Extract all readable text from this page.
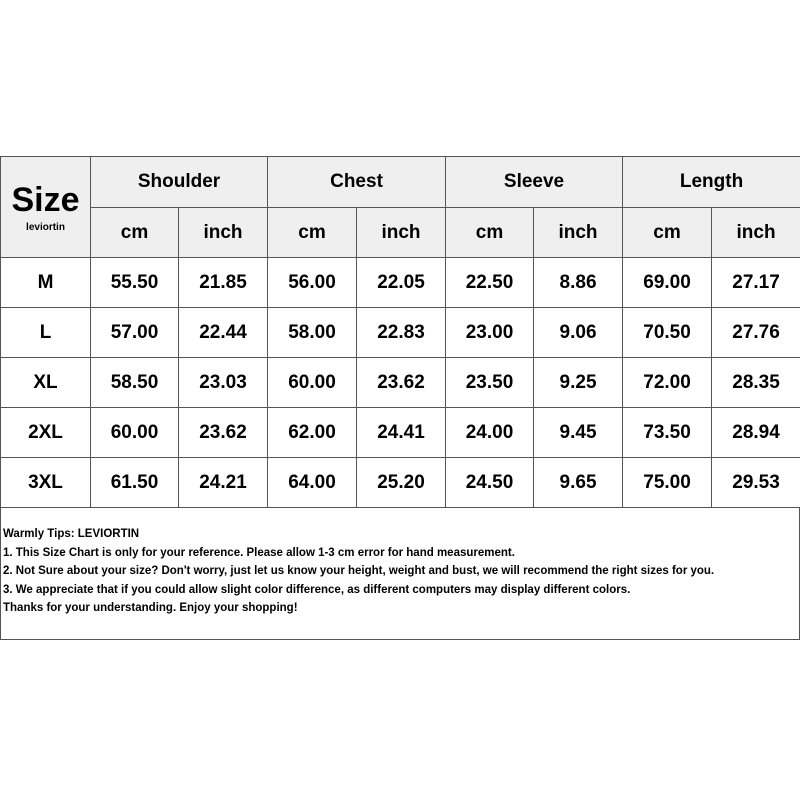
Size
leviortin	Shoulder		Chest		Sleeve		Length	
	cm	inch	cm	inch	cm	inch	cm	inch
M	55.50	21.85	56.00	22.05	22.50	8.86	69.00	27.17
L	57.00	22.44	58.00	22.83	23.00	9.06	70.50	27.76
XL	58.50	23.03	60.00	23.62	23.50	9.25	72.00	28.35
2XL	60.00	23.62	62.00	24.41	24.00	9.45	73.50	28.94
3XL	61.50	24.21	64.00	25.20	24.50	9.65	75.00	29.53
Warmly Tips: LEVIORTIN
1. This Size Chart is only for your reference. Please allow 1-3 cm error for hand measurement.
2. Not Sure about your size? Don't worry, just let us know your height, weight and bust, we will recommend the right sizes for you.
3. We appreciate that if you could allow slight color difference, as different computers may display different colors.
Thanks for your understanding. Enjoy your shopping!
